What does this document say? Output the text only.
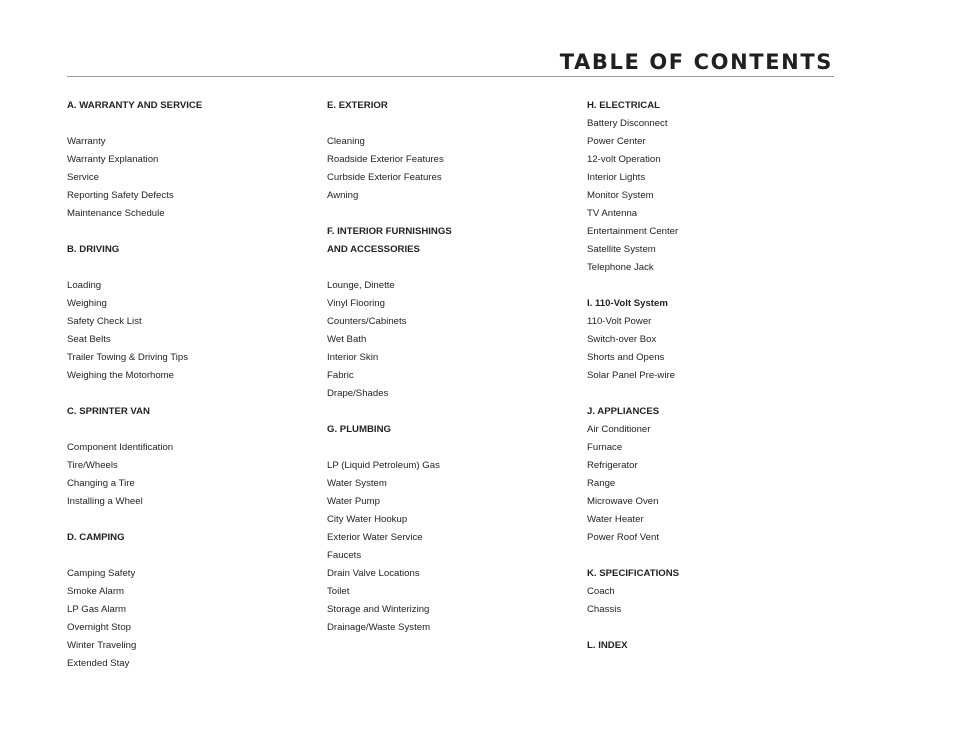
TABLE OF CONTENTS
A. WARRANTY AND SERVICE
Warranty
Warranty Explanation
Service
Reporting Safety Defects
Maintenance Schedule
B. DRIVING
Loading
Weighing
Safety Check List
Seat Belts
Trailer Towing & Driving Tips
Weighing the Motorhome
C. SPRINTER VAN
Component Identification
Tire/Wheels
Changing a Tire
Installing a Wheel
D. CAMPING
Camping Safety
Smoke Alarm
LP Gas Alarm
Overnight Stop
Winter Traveling
Extended Stay
E. EXTERIOR
Cleaning
Roadside Exterior Features
Curbside Exterior Features
Awning
F. INTERIOR FURNISHINGS
AND ACCESSORIES
Lounge, Dinette
Vinyl Flooring
Counters/Cabinets
Wet Bath
Interior Skin
Fabric
Drape/Shades
G. PLUMBING
LP (Liquid Petroleum) Gas
Water System
Water Pump
City Water Hookup
Exterior Water Service
Faucets
Drain Valve Locations
Toilet
Storage and Winterizing
Drainage/Waste System
H. ELECTRICAL
Battery Disconnect
Power Center
12-volt Operation
Interior Lights
Monitor System
TV Antenna
Entertainment Center
Satellite System
Telephone Jack
I. 110-Volt System
110-Volt Power
Switch-over Box
Shorts and Opens
Solar Panel Pre-wire
J. APPLIANCES
Air Conditioner
Furnace
Refrigerator
Range
Microwave Oven
Water Heater
Power Roof Vent
K. SPECIFICATIONS
Coach
Chassis
L. INDEX
